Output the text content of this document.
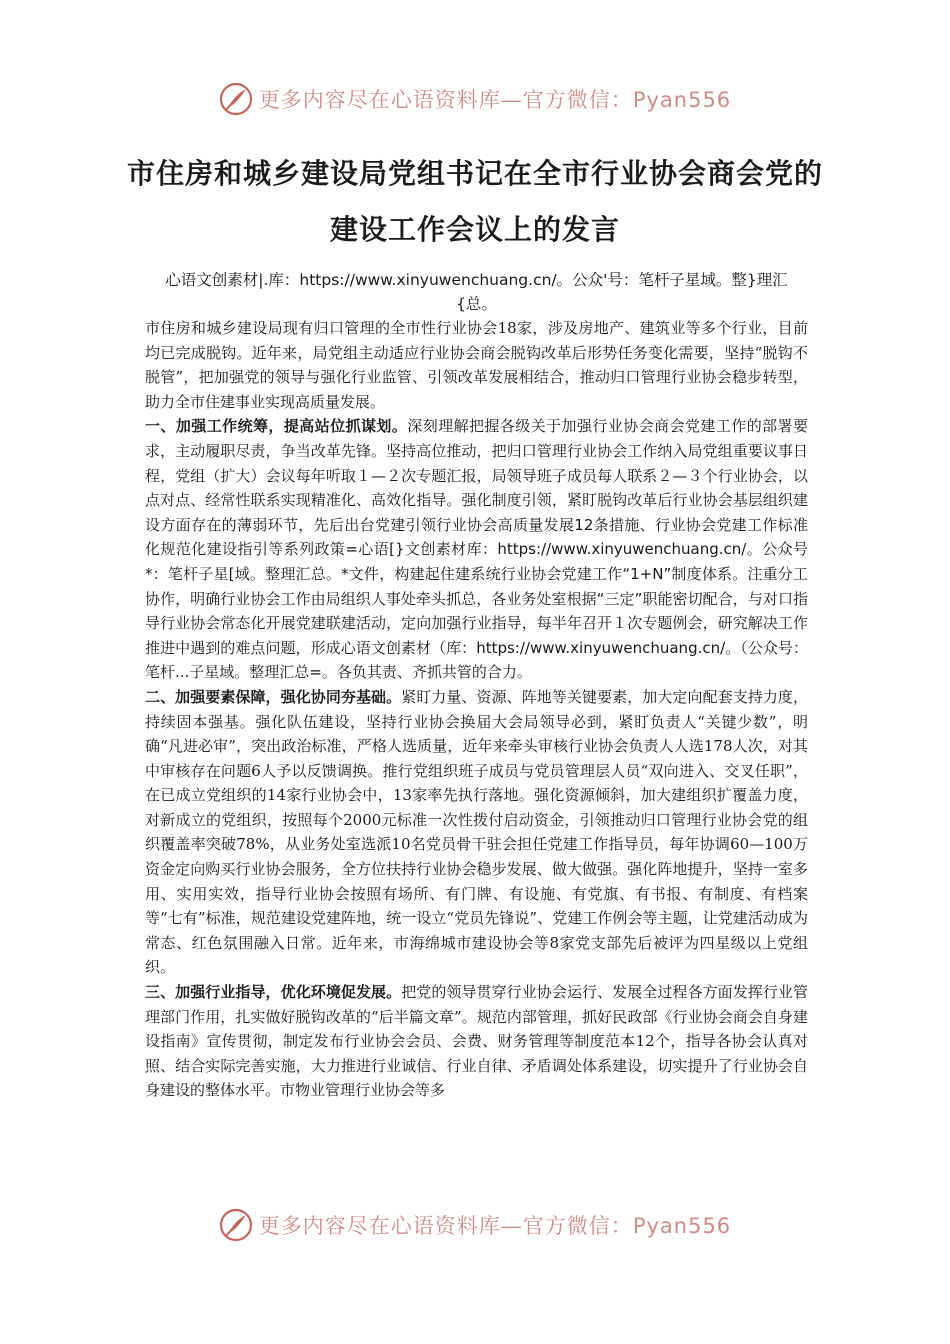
更多内容尽在心语资料库—官方微信：Pyan556
市住房和城乡建设局党组书记在全市行业协会商会党的建设工作会议上的发言
心语文创素材|.库：https://www.xinyuwenchuang.cn/。公众'号：笔杆子星域。整}理汇{总。

市住房和城乡建设局现有归口管理的全市性行业协会18家，涉及房地产、建筑业等多个行业，目前均已完成脱钩。近年来，局党组主动适应行业协会商会脱钩改革后形势任务变化需要，坚持“脱钩不脱管”，把加强党的领导与强化行业监管、引领改革发展相结合，推动归口管理行业协会稳步转型，助力全市住建事业实现高质量发展。

一、加强工作统筹，提高站位抓谋划。深刻理解把握各级关于加强行业协会商会党建工作的部署要求，主动履职尽责，争当改革先锋。坚持高位推动，把归口管理行业协会工作纳入局党组重要议事日程，党组（扩大）会议每年听取１—２次专题汇报，局领导班子成员每人联系２—３个行业协会，以点对点、经常性联系实现精准化、高效化指导。强化制度引领，紧盯脱钩改革后行业协会基层组织建设方面存在的薄弱环节，先后出台党建引领行业协会高质量发展12条措施、行业协会党建工作标准化规范化建设指引等系列政策=心语[}文创素材库：https://www.xinyuwenchuang.cn/。公众号*：笔杆子星[域。整理汇总。*文件，构建起住建系统行业协会党建工作“1+N”制度体系。注重分工协作，明确行业协会工作由局组织人事处牵头抓总，各业务处室根据“三定”职能密切配合，与对口指导行业协会常态化开展党建联建活动，定向加强行业指导，每半年召开１次专题例会，研究解决工作推进中遇到的难点问题，形成心语文创素材（库：https://www.xinyuwenchuang.cn/。（公众号：笔杆...子星域。整理汇总=。各负其责、齐抓共管的合力。

二、加强要素保障，强化协同夯基础。紧盯力量、资源、阵地等关键要素，加大定向配套支持力度，持续固本强基。强化队伍建设，坚持行业协会换届大会局领导必到，紧盯负责人“关键少数”，明确“凡进必审”，突出政治标准，严格人选质量，近年来牵头审核行业协会负责人人选178人次，对其中审核存在问题6人予以反馈调换。推行党组织班子成员与党员管理层人员“双向进入、交叉任职”，在已成立党组织的14家行业协会中，13家率先执行落地。强化资源倾斜，加大建组织扩覆盖力度，对新成立的党组织，按照每个2000元标准一次性拨付启动资金，引领推动归口管理行业协会党的组织覆盖率突破78%，从业务处室选派10名党员骨干驻会担任党建工作指导员，每年协调60—100万资金定向购买行业协会服务，全方位扶持行业协会稳步发展、做大做强。强化阵地提升，坚持一室多用、实用实效，指导行业协会按照有场所、有门牌、有设施、有党旗、有书报、有制度、有档案等“七有”标准，规范建设党建阵地，统一设立“党员先锋说”、党建工作例会等主题，让党建活动成为常态、红色氛围融入日常。近年来，市海绵城市建设协会等8家党支部先后被评为四星级以上党组织。

三、加强行业指导，优化环境促发展。把党的领导贯穿行业协会运行、发展全过程各方面发挥行业管理部门作用，扎实做好脱钩改革的“后半篇文章”。规范内部管理，抓好民政部《行业协会商会自身建设指南》宣传贯彻，制定发布行业协会会员、会费、财务管理等制度范本12个，指导各协会认真对照、结合实际完善实施，大力推进行业诚信、行业自律、矛盾调处体系建设，切实提升了行业协会自身建设的整体水平。市物业管理行业协会等多

更多内容尽在心语资料库—官方微信：Pyan556
